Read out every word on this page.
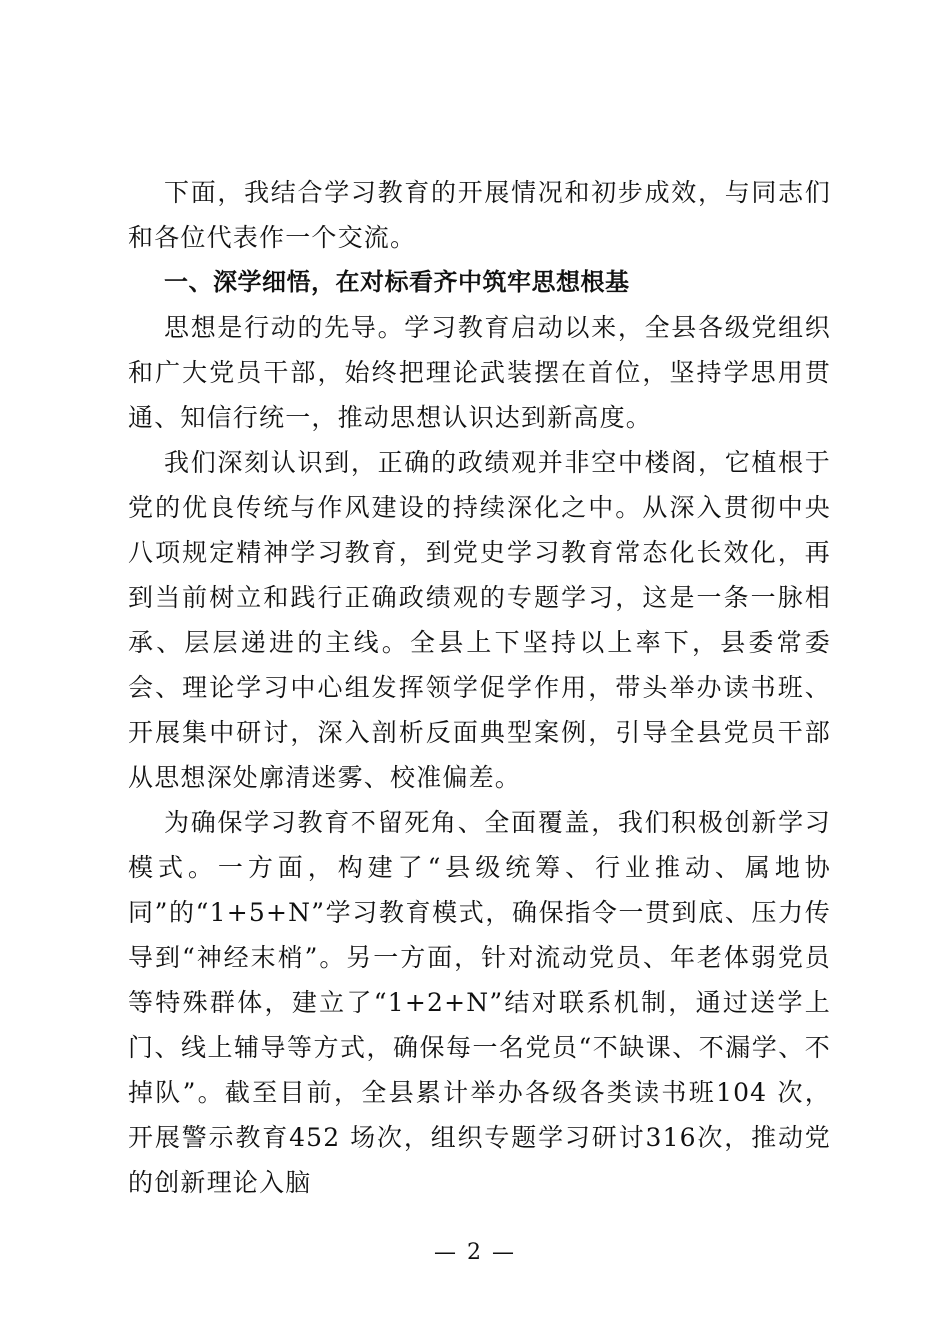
下面，我结合学习教育的开展情况和初步成效，与同志们和各位代表作一个交流。

一、深学细悟，在对标看齐中筑牢思想根基

思想是行动的先导。学习教育启动以来，全县各级党组织和广大党员干部，始终把理论武装摆在首位，坚持学思用贯通、知信行统一，推动思想认识达到新高度。

我们深刻认识到，正确的政绩观并非空中楼阁，它植根于党的优良传统与作风建设的持续深化之中。从深入贯彻中央八项规定精神学习教育，到党史学习教育常态化长效化，再到当前树立和践行正确政绩观的专题学习，这是一条一脉相承、层层递进的主线。全县上下坚持以上率下，县委常委会、理论学习中心组发挥领学促学作用，带头举办读书班、开展集中研讨，深入剖析反面典型案例，引导全县党员干部从思想深处廓清迷雾、校准偏差。

为确保学习教育不留死角、全面覆盖，我们积极创新学习模式。一方面，构建了“县级统筹、行业推动、属地协同”的“1+5+N”学习教育模式，确保指令一贯到底、压力传导到“神经末梢”。另一方面，针对流动党员、年老体弱党员等特殊群体，建立了“1+2+N”结对联系机制，通过送学上门、线上辅导等方式，确保每一名党员“不缺课、不漏学、不掉队”。截至目前，全县累计举办各级各类读书班104 次，开展警示教育452 场次，组织专题学习研讨316次，推动党的创新理论入脑

— 2 —
